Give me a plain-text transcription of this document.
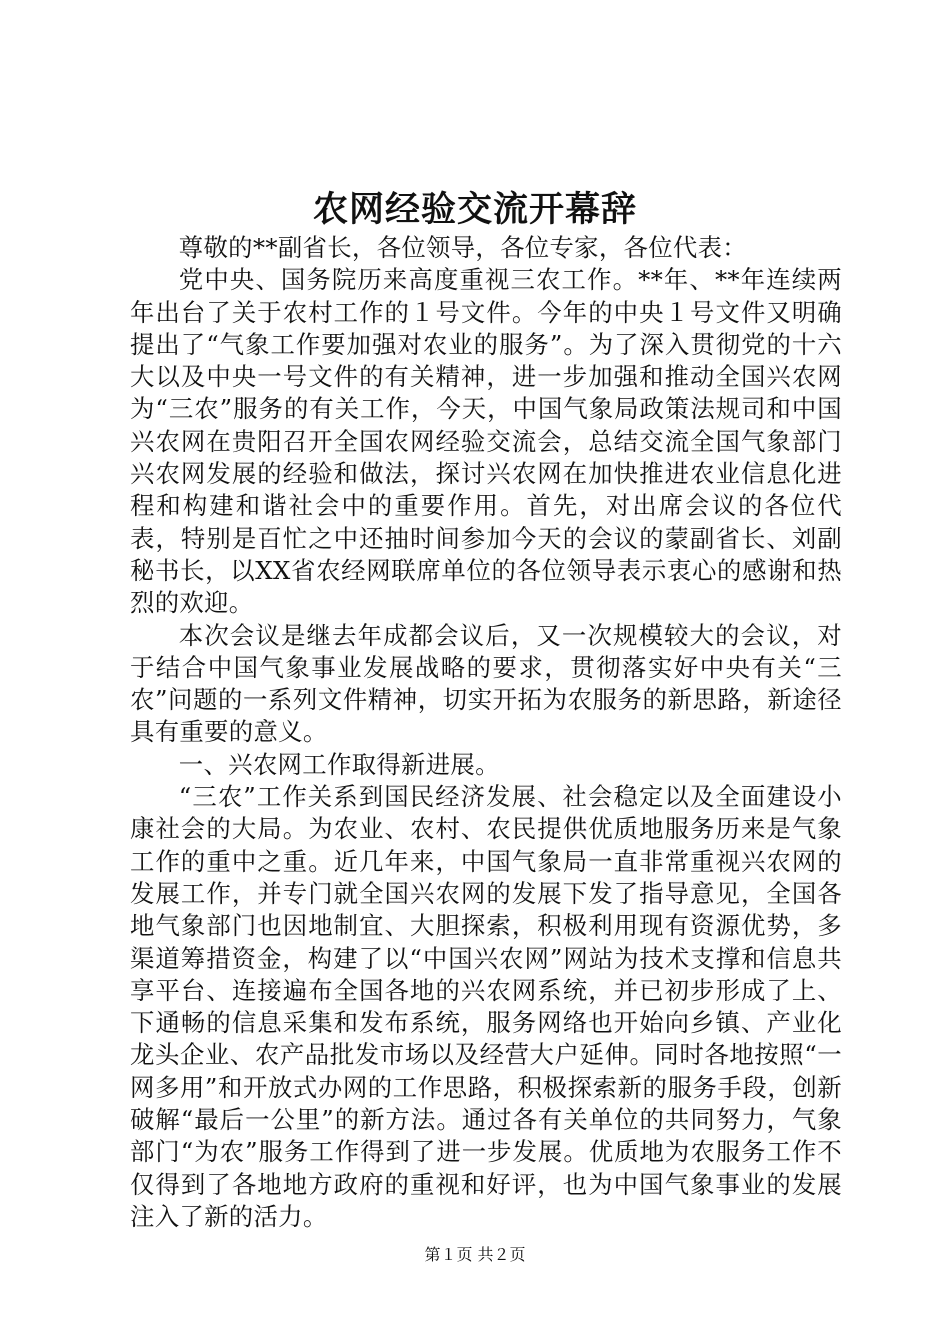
农网经验交流开幕辞

尊敬的**副省长，各位领导，各位专家，各位代表：

党中央、国务院历来高度重视三农工作。**年、**年连续两年出台了关于农村工作的１号文件。今年的中央１号文件又明确提出了“气象工作要加强对农业的服务”。为了深入贯彻党的十六大以及中央一号文件的有关精神，进一步加强和推动全国兴农网为“三农”服务的有关工作，今天，中国气象局政策法规司和中国兴农网在贵阳召开全国农网经验交流会，总结交流全国气象部门兴农网发展的经验和做法，探讨兴农网在加快推进农业信息化进程和构建和谐社会中的重要作用。首先，对出席会议的各位代表，特别是百忙之中还抽时间参加今天的会议的蒙副省长、刘副秘书长，以XX省农经网联席单位的各位领导表示衷心的感谢和热烈的欢迎。

本次会议是继去年成都会议后，又一次规模较大的会议，对于结合中国气象事业发展战略的要求，贯彻落实好中央有关“三农”问题的一系列文件精神，切实开拓为农服务的新思路，新途径具有重要的意义。

一、兴农网工作取得新进展。

“三农”工作关系到国民经济发展、社会稳定以及全面建设小康社会的大局。为农业、农村、农民提供优质地服务历来是气象工作的重中之重。近几年来，中国气象局一直非常重视兴农网的发展工作，并专门就全国兴农网的发展下发了指导意见，全国各地气象部门也因地制宜、大胆探索，积极利用现有资源优势，多渠道筹措资金，构建了以“中国兴农网”网站为技术支撑和信息共享平台、连接遍布全国各地的兴农网系统，并已初步形成了上、下通畅的信息采集和发布系统，服务网络也开始向乡镇、产业化龙头企业、农产品批发市场以及经营大户延伸。同时各地按照“一网多用”和开放式办网的工作思路，积极探索新的服务手段，创新破解“最后一公里”的新方法。通过各有关单位的共同努力，气象部门“为农”服务工作得到了进一步发展。优质地为农服务工作不仅得到了各地地方政府的重视和好评，也为中国气象事业的发展注入了新的活力。

第１页 共２页
